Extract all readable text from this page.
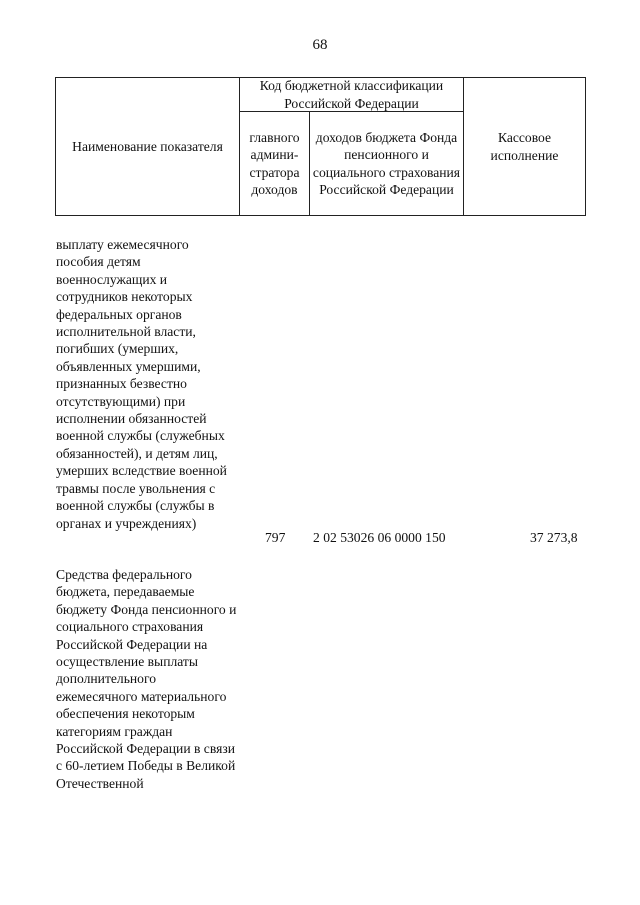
68
Наименование показателя
Код бюджетной классификации Российской Федерации
главного админи-стратора доходов
доходов бюджета Фонда пенсионного и социального страхования Российской Федерации
Кассовое исполнение
выплату ежемесячного пособия детям военнослужащих и сотрудников некоторых федеральных органов исполнительной власти, погибших (умерших, объявленных умершими, признанных безвестно отсутствующими) при исполнении обязанностей военной службы (служебных обязанностей), и детям лиц, умерших вследствие военной травмы после увольнения с военной службы (службы в органах и учреждениях)
797 2 02 53026 06 0000 150	37 273,8
Средства федерального бюджета, передаваемые бюджету Фонда пенсионного и социального страхования Российской Федерации на осуществление выплаты дополнительного ежемесячного материального обеспечения некоторым категориям граждан Российской Федерации в связи с 60-летием Победы в Великой Отечественной
